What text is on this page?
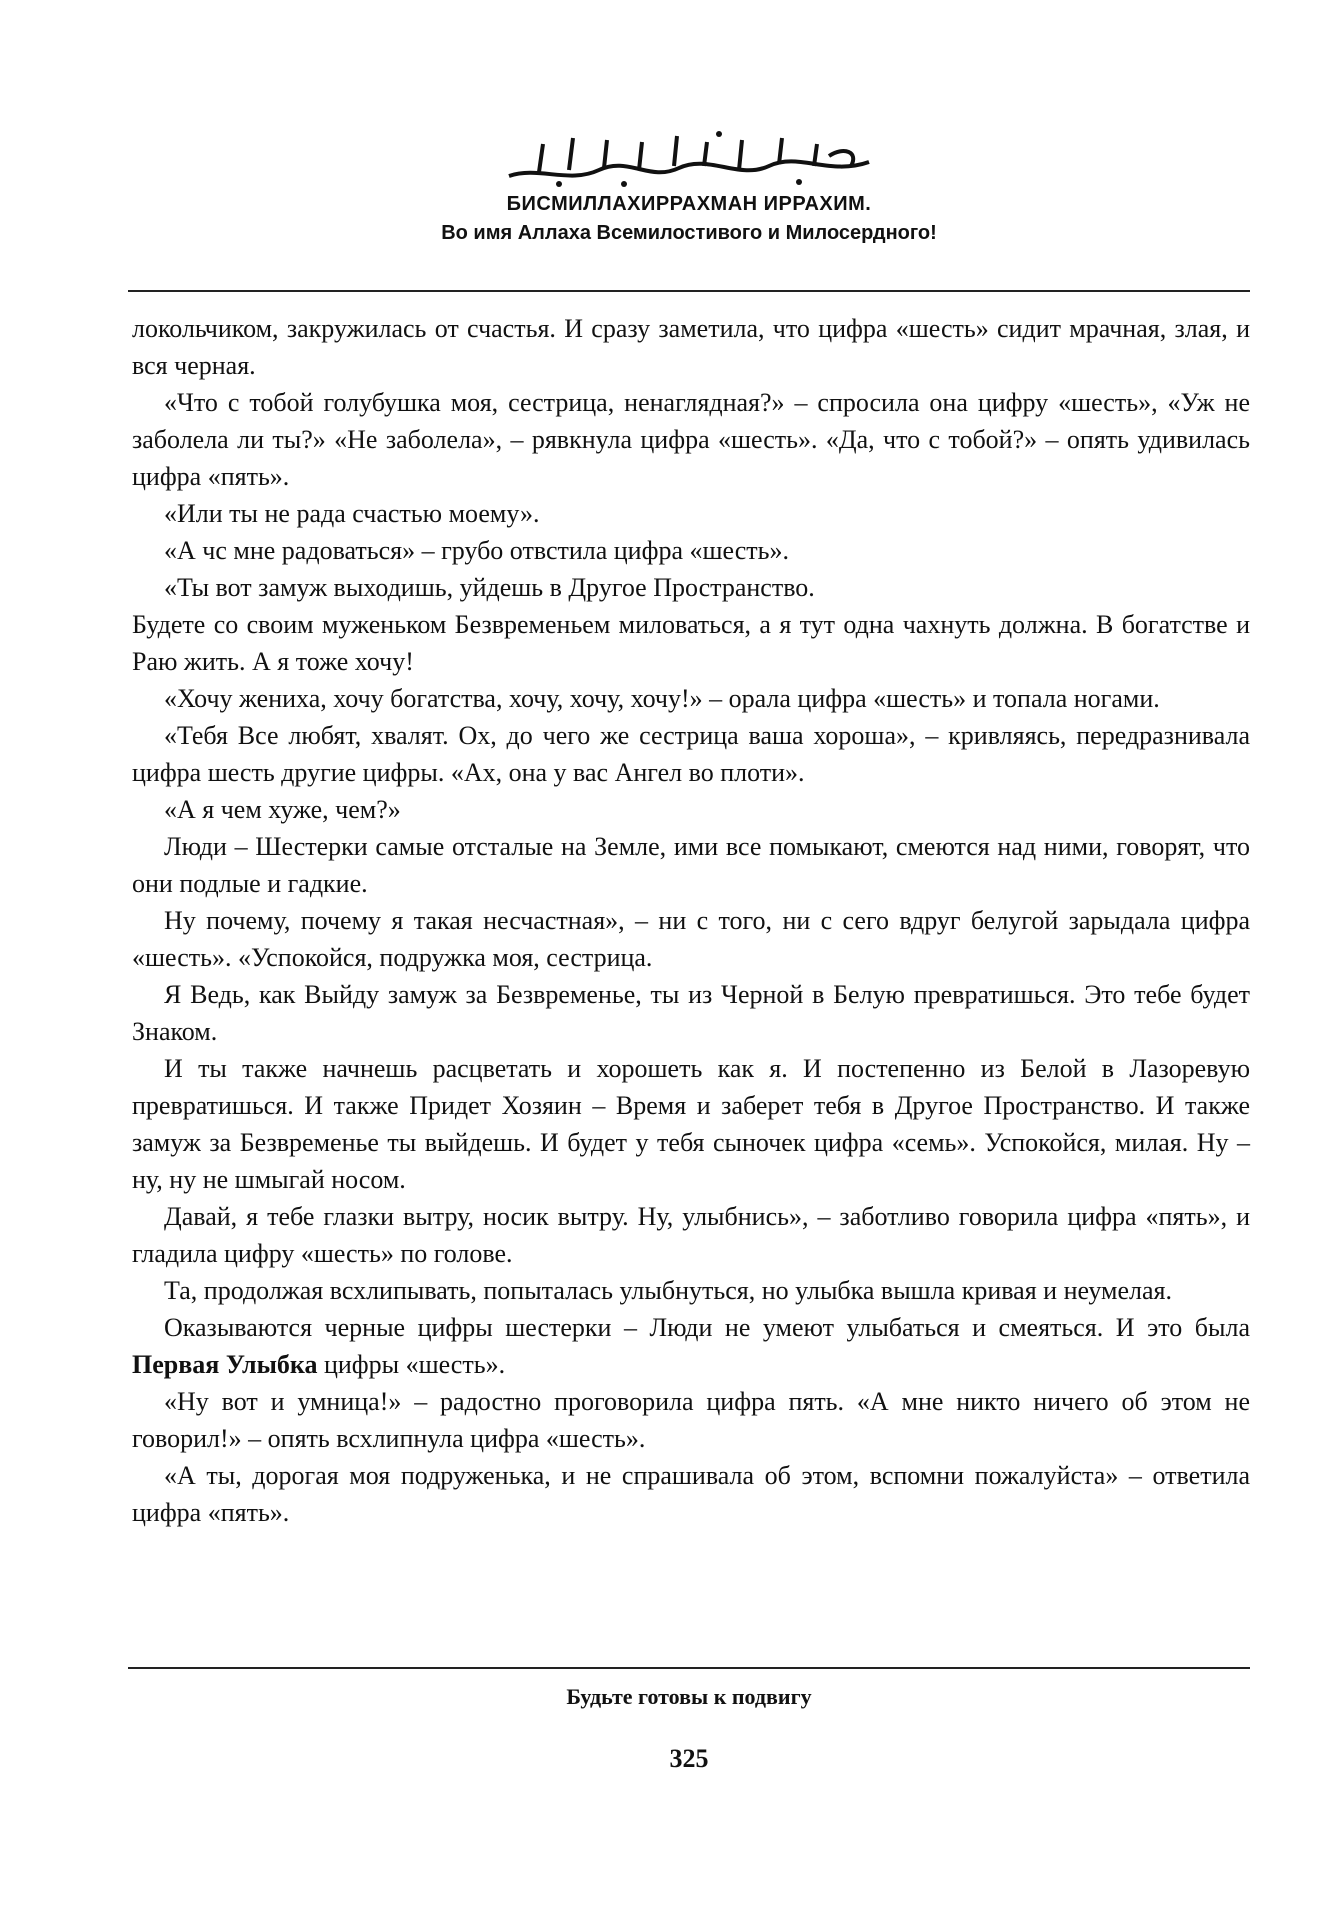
БИСМИЛЛАХИРРАХМАН ИРРАХИМ.
Во имя Аллаха Всемилостивого и Милосердного!

локольчиком, закружилась от счастья. И сразу заметила, что цифра «шесть» сидит мрачная, злая, и вся черная.

«Что с тобой голубушка моя, сестрица, ненаглядная?» – спросила она цифру «шесть», «Уж не заболела ли ты?» «Не заболела», – рявкнула цифра «шесть». «Да, что с тобой?» – опять удивилась цифра «пять».

«Или ты не рада счастью моему».

«А чс мне радоваться» – грубо отвстила цифра «шесть».

«Ты вот замуж выходишь, уйдешь в Другое Пространство.

Будете со своим муженьком Безвременьем миловаться, а я тут одна чахнуть должна. В богатстве и Раю жить. А я тоже хочу!

«Хочу жениха, хочу богатства, хочу, хочу, хочу!» – орала цифра «шесть» и топала ногами.

«Тебя Все любят, хвалят. Ох, до чего же сестрица ваша хороша», – кривляясь, передразнивала цифра шесть другие цифры. «Ах, она у вас Ангел во плоти».

«А я чем хуже, чем?»

Люди – Шестерки самые отсталые на Земле, ими все помыкают, смеются над ними, говорят, что они подлые и гадкие.

Ну почему, почему я такая несчастная», – ни с того, ни с сего вдруг белугой зарыдала цифра «шесть». «Успокойся, подружка моя, сестрица.

Я Ведь, как Выйду замуж за Безвременье, ты из Черной в Белую превратишься. Это тебе будет Знаком.

И ты также начнешь расцветать и хорошеть как я. И постепенно из Белой в Лазоревую превратишься. И также Придет Хозяин – Время и заберет тебя в Другое Пространство. И также замуж за Безвременье ты выйдешь. И будет у тебя сыночек цифра «семь». Успокойся, милая. Ну – ну, ну не шмыгай носом.

Давай, я тебе глазки вытру, носик вытру. Ну, улыбнись», – заботливо говорила цифра «пять», и гладила цифру «шесть» по голове.

Та, продолжая всхлипывать, попыталась улыбнуться, но улыбка вышла кривая и неумелая.

Оказываются черные цифры шестерки – Люди не умеют улыбаться и смеяться. И это была Первая Улыбка цифры «шесть».

«Ну вот и умница!» – радостно проговорила цифра пять. «А мне никто ничего об этом не говорил!» – опять всхлипнула цифра «шесть».

«А ты, дорогая моя подруженька, и не спрашивала об этом, вспомни пожалуйста» – ответила цифра «пять».

Будьте готовы к подвигу
325
